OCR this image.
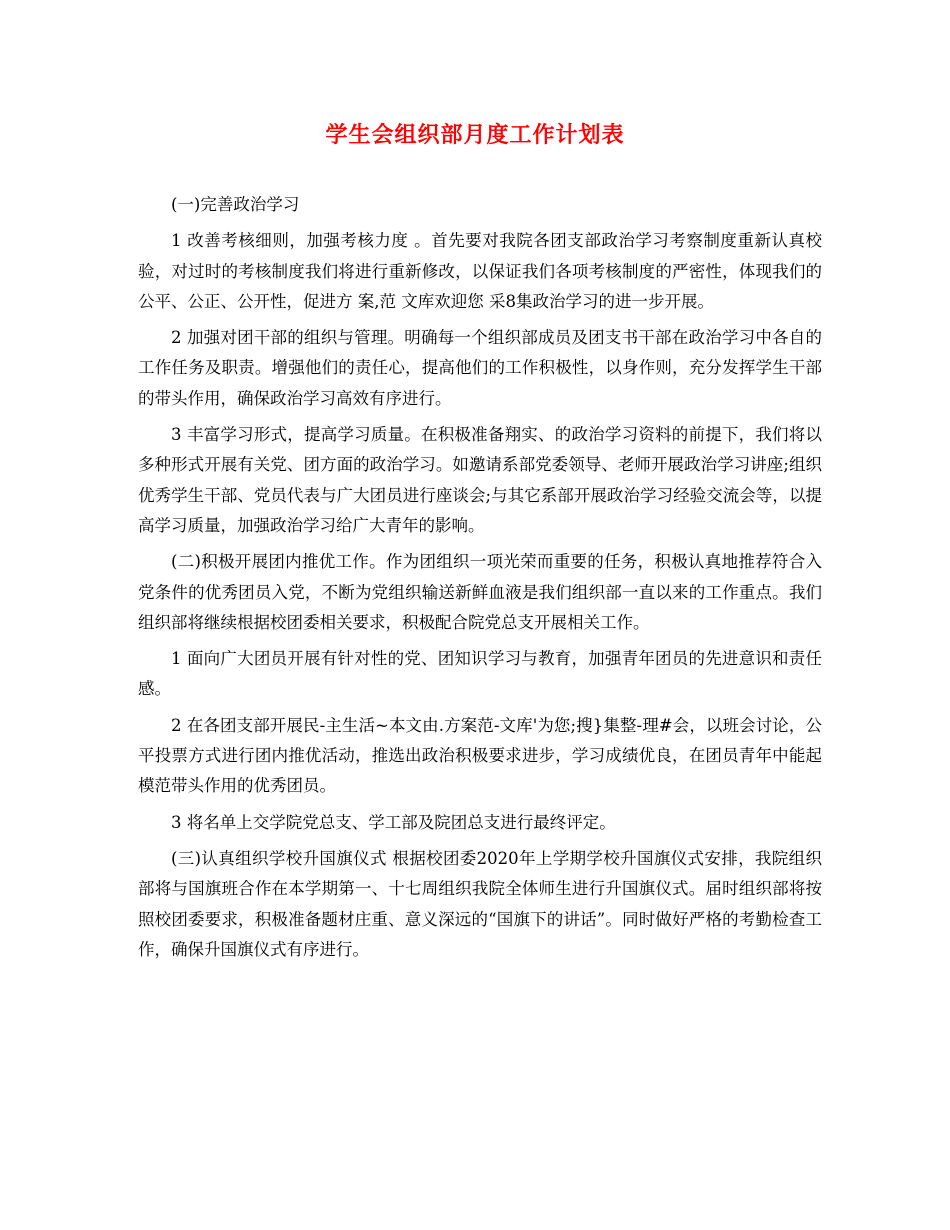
学生会组织部月度工作计划表

(一)完善政治学习

1 改善考核细则，加强考核力度 。首先要对我院各团支部政治学习考察制度重新认真校验，对过时的考核制度我们将进行重新修改，以保证我们各项考核制度的严密性，体现我们的公平、公正、公开性，促进方 案,范 文库欢迎您 采8集政治学习的进一步开展。

2 加强对团干部的组织与管理。明确每一个组织部成员及团支书干部在政治学习中各自的工作任务及职责。增强他们的责任心，提高他们的工作积极性，以身作则，充分发挥学生干部的带头作用，确保政治学习高效有序进行。

3 丰富学习形式，提高学习质量。在积极准备翔实、的政治学习资料的前提下，我们将以多种形式开展有关党、团方面的政治学习。如邀请系部党委领导、老师开展政治学习讲座;组织优秀学生干部、党员代表与广大团员进行座谈会;与其它系部开展政治学习经验交流会等，以提高学习质量，加强政治学习给广大青年的影响。

(二)积极开展团内推优工作。作为团组织一项光荣而重要的任务，积极认真地推荐符合入党条件的优秀团员入党，不断为党组织输送新鲜血液是我们组织部一直以来的工作重点。我们组织部将继续根据校团委相关要求，积极配合院党总支开展相关工作。

1 面向广大团员开展有针对性的党、团知识学习与教育，加强青年团员的先进意识和责任感。

2 在各团支部开展民-主生活~本文由.方案范-文库'为您;搜}集整-理#会，以班会讨论，公平投票方式进行团内推优活动，推选出政治积极要求进步，学习成绩优良，在团员青年中能起模范带头作用的优秀团员。

3 将名单上交学院党总支、学工部及院团总支进行最终评定。

(三)认真组织学校升国旗仪式 根据校团委2020年上学期学校升国旗仪式安排，我院组织部将与国旗班合作在本学期第一、十七周组织我院全体师生进行升国旗仪式。届时组织部将按照校团委要求，积极准备题材庄重、意义深远的“国旗下的讲话”。同时做好严格的考勤检查工作，确保升国旗仪式有序进行。
